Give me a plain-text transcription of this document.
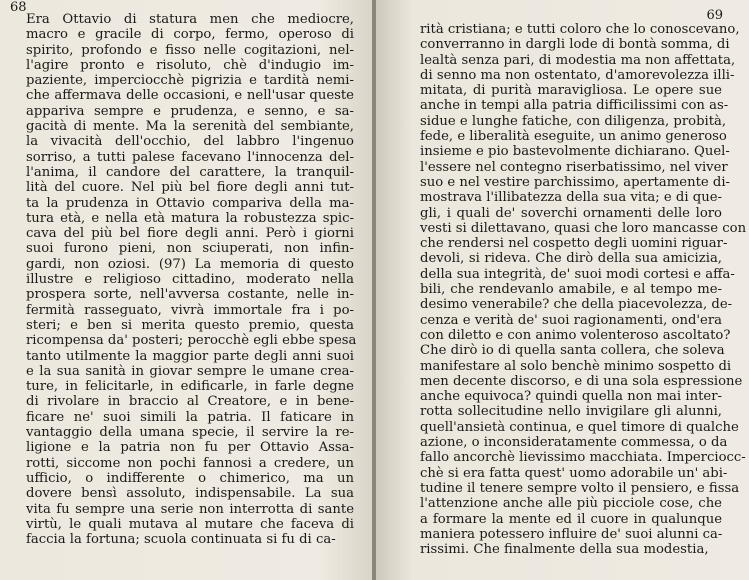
68
Era Ottavio di statura men che mediocre,
macro e gracile di corpo, fermo, operoso di
spirito, profondo e fisso nelle cogitazioni, nel-
l'agire pronto e risoluto, chè d'indugio im-
paziente, imperciocchè pigrizia e tardità nemi-
che affermava delle occasioni, e nell'usar queste
appariva sempre e prudenza, e senno, e sa-
gacità di mente. Ma la serenità del sembiante,
la vivacità dell'occhio, del labbro l'ingenuo
sorriso, a tutti palese facevano l'innocenza del-
l'anima, il candore del carattere, la tranquil-
lità del cuore. Nel più bel fiore degli anni tut-
ta la prudenza in Ottavio compariva della ma-
tura età, e nella età matura la robustezza spic-
cava del più bel fiore degli anni. Però i giorni
suoi furono pieni, non sciuperati, non infin-
gardi, non oziosi. (97) La memoria di questo
illustre e religioso cittadino, moderato nella
prospera sorte, nell'avversa costante, nelle in-
fermità rasseguato, vivrà immortale fra i po-
steri; e ben si merita questo premio, questa
ricompensa da' posteri; perocchè egli ebbe spesa
tanto utilmente la maggior parte degli anni suoi
e la sua sanità in giovar sempre le umane crea-
ture, in felicitarle, in edificarle, in farle degne
di rivolare in braccio al Creatore, e in bene-
ficare ne' suoi simili la patria. Il faticare in
vantaggio della umana specie, il servire la re-
ligione e la patria non fu per Ottavio Assa-
rotti, siccome non pochi fannosi a credere, un
ufficio, o indifferente o chimerico, ma un
dovere bensì assoluto, indispensabile. La sua
vita fu sempre una serie non interrotta di sante
virtù, le quali mutava al mutare che faceva di
faccia la fortuna; scuola continuata si fu di ca-
69
rità cristiana; e tutti coloro che lo conoscevano,
converranno in dargli lode di bontà somma, di
lealtà senza pari, di modestia ma non affettata,
di senno ma non ostentato, d'amorevolezza illi-
mitata, di purità maravigliosa. Le opere sue
anche in tempi alla patria difficilissimi con as-
sidue e lunghe fatiche, con diligenza, probità,
fede, e liberalità eseguite, un animo generoso
insieme e pio bastevolmente dichiarano. Quel-
l'essere nel contegno riserbatissimo, nel viver
suo e nel vestire parchissimo, apertamente di-
mostrava l'illibatezza della sua vita; e di que-
gli, i quali de' soverchi ornamenti delle loro
vesti si dilettavano, quasi che loro mancasse con
che rendersi nel cospetto degli uomini riguar-
devoli, si rideva. Che dirò della sua amicizia,
della sua integrità, de' suoi modi cortesi e affa-
bili, che rendevanlo amabile, e al tempo me-
desimo venerabile? che della piacevolezza, de-
cenza e verità de' suoi ragionamenti, ond'era
con diletto e con animo volenteroso ascoltato?
Che dirò io di quella santa collera, che soleva
manifestare al solo benchè minimo sospetto di
men decente discorso, e di una sola espressione
anche equivoca? quindi quella non mai inter-
rotta sollecitudine nello invigilare gli alunni,
quell'ansietà continua, e quel timore di qualche
azione, o inconsideratamente commessa, o da
fallo ancorchè lievissimo macchiata. Imperciocc-
chè si era fatta quest' uomo adorabile un' abi-
tudine il tenere sempre volto il pensiero, e fissa
l'attenzione anche alle più picciole cose, che
a formare la mente ed il cuore in qualunque
maniera potessero influire de' suoi alunni ca-
rissimi. Che finalmente della sua modestia,
